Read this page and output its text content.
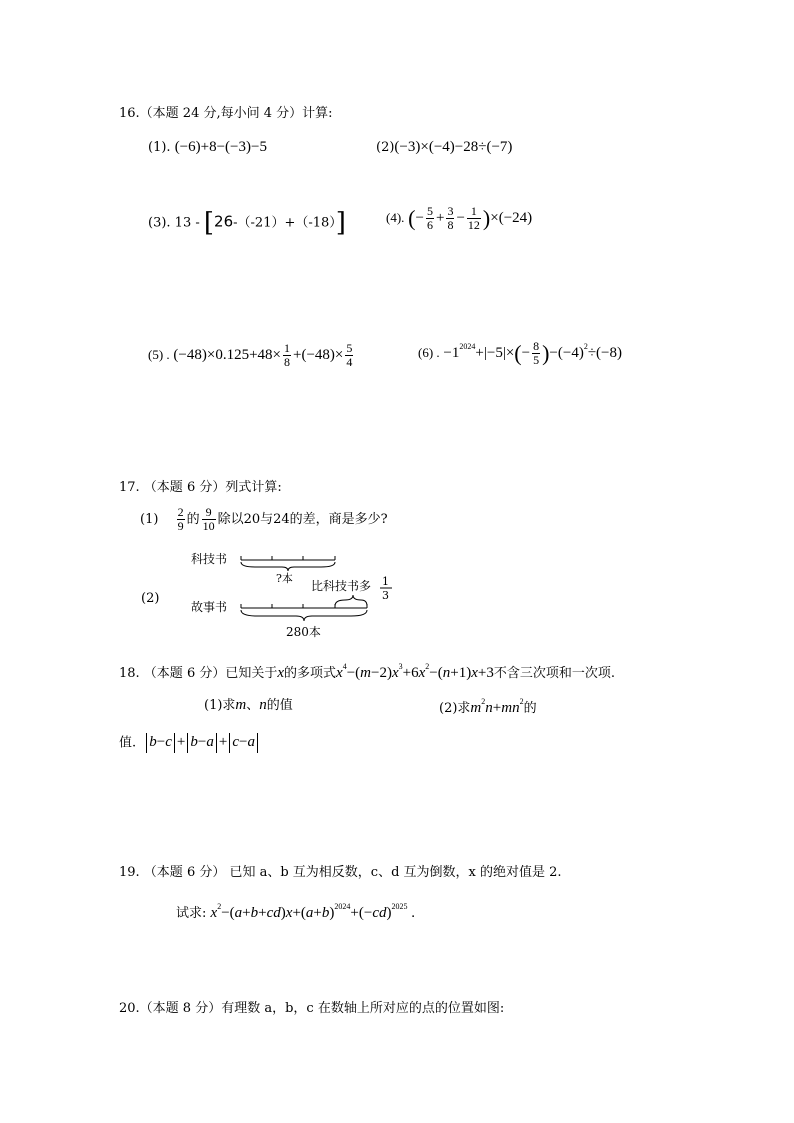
16.（本题 24 分,每小问 4 分）计算:
(1). (−6)+8−(−3)−5	(2)(−3)×(−4)−28÷(−7)
(3). 13 - [26-（-21）+（-18）]	(4). (− $\frac{5}{6} + \frac{3}{8} - \frac{1}{12} )\times(-24)$
(5) . $(-48)\times 0.125+48\times \frac{1}{8} +(-48)\times \frac{5}{4}$	(6) . $-1^{2024}+|-5|\times(- \frac{8}{5} )-(-4)^2\div(-8)$
17. （本题 6 分）列式计算:
$(1) \frac{2}{9}$ 的 $\frac{9}{10}$ 除以20与24的差，商是多少?
(2)
科技书
?本
比科技书多 1
3
故事书
280本
18. （本题 6 分）已知关于x的多项式$x^4-(m-2)x^3+6x^2-(n+1)x+3$不含三次项和一次项.
(1)求m、n的值	(2)求$m^2n+mn^2$的
值. b−c + b−a + c−a
19. （本题 6 分） 已知 a、b 互为相反数，c、d 互为倒数，x 的绝对值是 2.
试求: $x^2-(a+b+cd)x+(a+b)^{2024}+(-cd)^{2025}$ .
20.（本题 8 分）有理数 a，b，c 在数轴上所对应的点的位置如图:
